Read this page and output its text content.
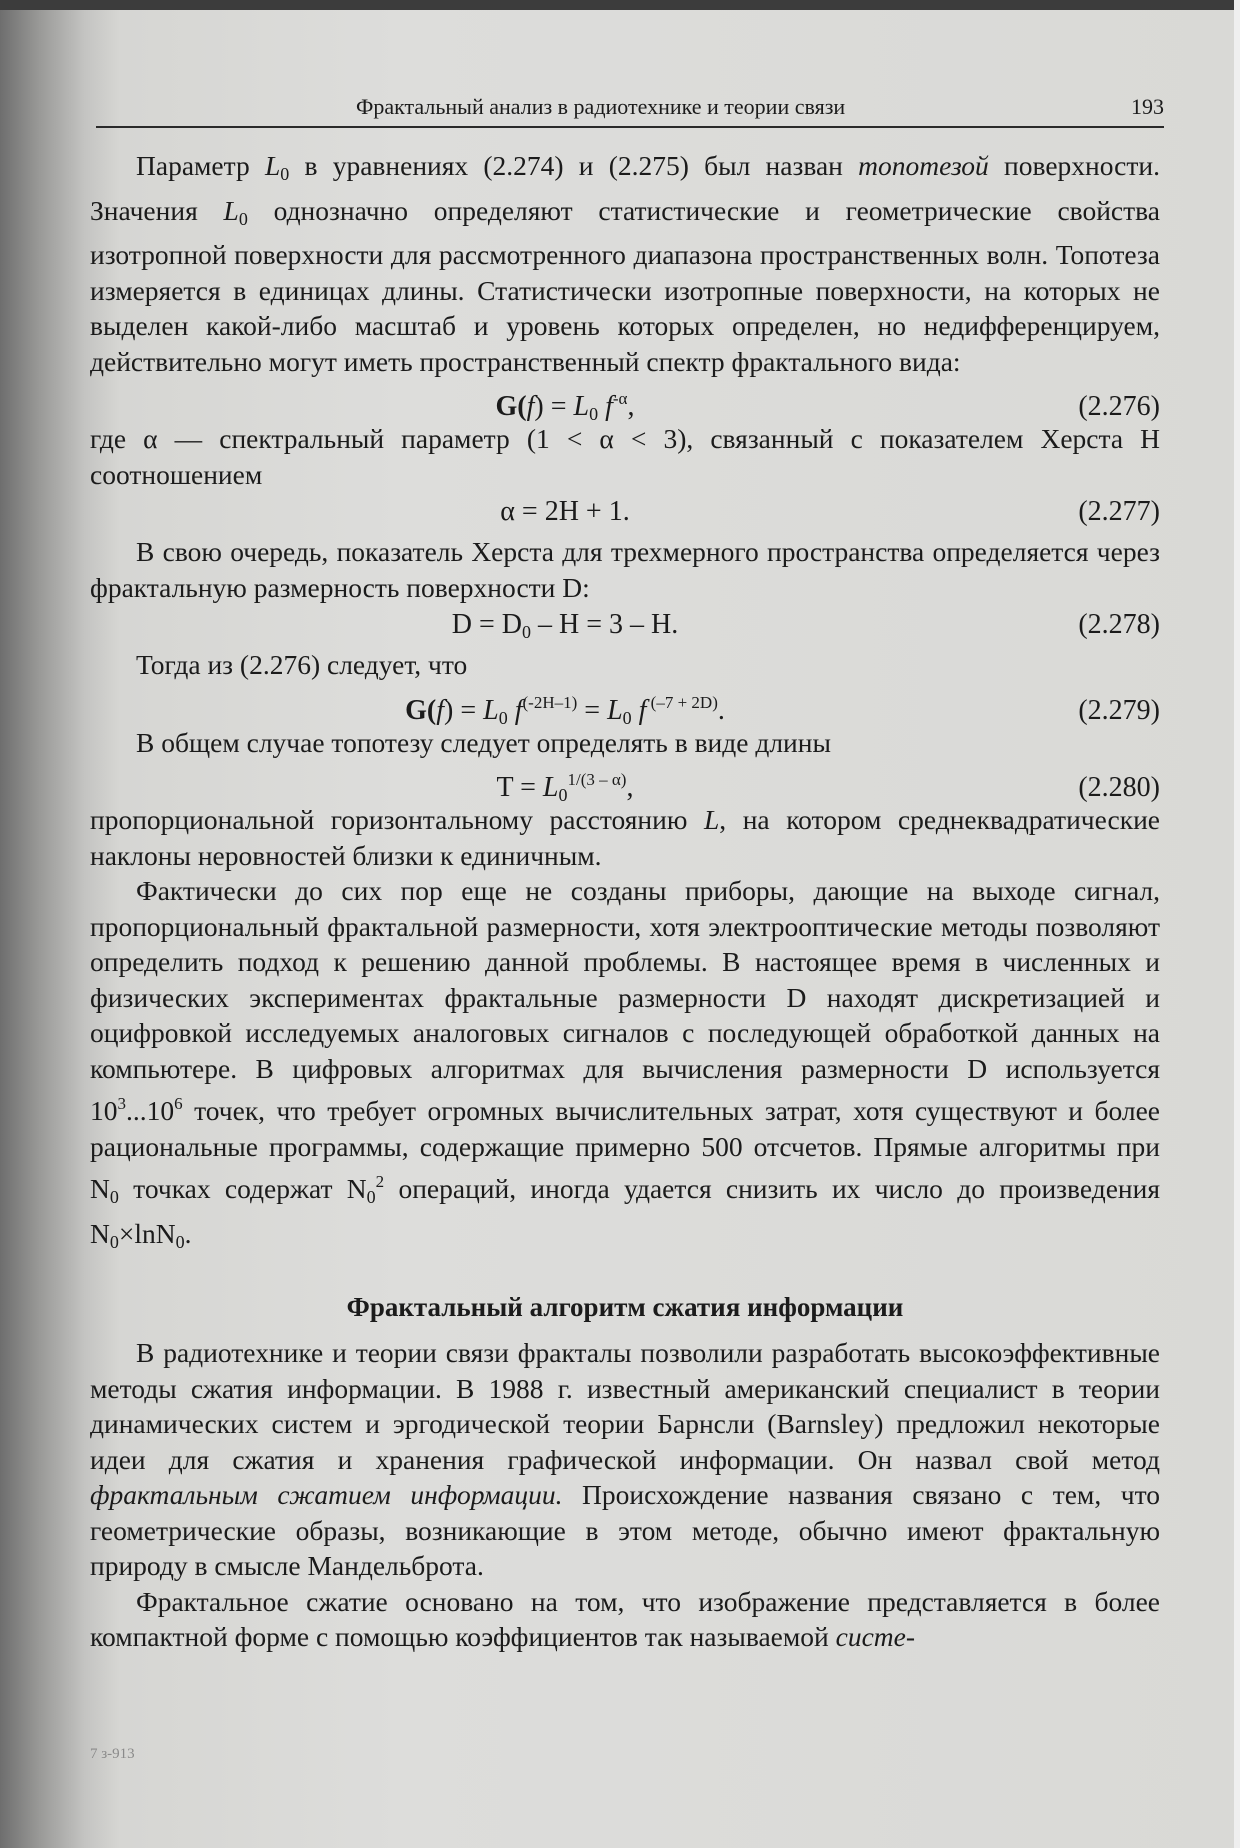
Фрактальный анализ в радиотехнике и теории связи	193

Параметр $L_0$ в уравнениях (2.274) и (2.275) был назван топотезой поверхности. Значения $L_0$ однозначно определяют статистические и геометрические свойства изотропной поверхности для рассмотренного диапазона пространственных волн. Топотеза измеряется в единицах длины. Статистически изотропные поверхности, на которых не выделен какой-либо масштаб и уровень которых определен, но недифференцируем, действительно могут иметь пространственный спектр фрактального вида:

$G(f) = L_0$ $f^{-\alpha}$,	(2.276)

где α — спектральный параметр (1 < α < 3), связанный с показателем Херста H соотношением

α = 2H + 1.	(2.277)

В свою очередь, показатель Херста для трехмерного пространства определяется через фрактальную размерность поверхности D:

$D = D_0 - H = 3 - H$.	(2.278)

Тогда из (2.276) следует, что

$G(f) = L_0$ $f^{(-2H-1)} = L_0$ f $^{(-7 + 2D)}$.	(2.279)

В общем случае топотезу следует определять в виде длины

$T = L_0^{1/(3 - \alpha)}$,	(2.280)

пропорциональной горизонтальному расстоянию L, на котором среднеквадратические наклоны неровностей близки к единичным.

Фактически до сих пор еще не созданы приборы, дающие на выходе сигнал, пропорциональный фрактальной размерности, хотя электрооптические методы позволяют определить подход к решению данной проблемы. В настоящее время в численных и физических экспериментах фрактальные размерности D находят дискретизацией и оцифровкой исследуемых аналоговых сигналов с последующей обработкой данных на компьютере. В цифровых алгоритмах для вычисления размерности D используется $10^3...10^6$ точек, что требует огромных вычислительных затрат, хотя существуют и более рациональные программы, содержащие примерно 500 отсчетов. Прямые алгоритмы при $N_0$ точках содержат $N_0^2$ операций, иногда удается снизить их число до произведения $N_0\times\ln N_0$.

Фрактальный алгоритм сжатия информации

В радиотехнике и теории связи фракталы позволили разработать высокоэффективные методы сжатия информации. В 1988 г. известный американский специалист в теории динамических систем и эргодической теории Барнсли (Barnsley) предложил некоторые идеи для сжатия и хранения графической информации. Он назвал свой метод фрактальным сжатием информации. Происхождение названия связано с тем, что геометрические образы, возникающие в этом методе, обычно имеют фрактальную природу в смысле Мандельброта.

Фрактальное сжатие основано на том, что изображение представляется в более компактной форме с помощью коэффициентов так называемой систе-

7 з-913
